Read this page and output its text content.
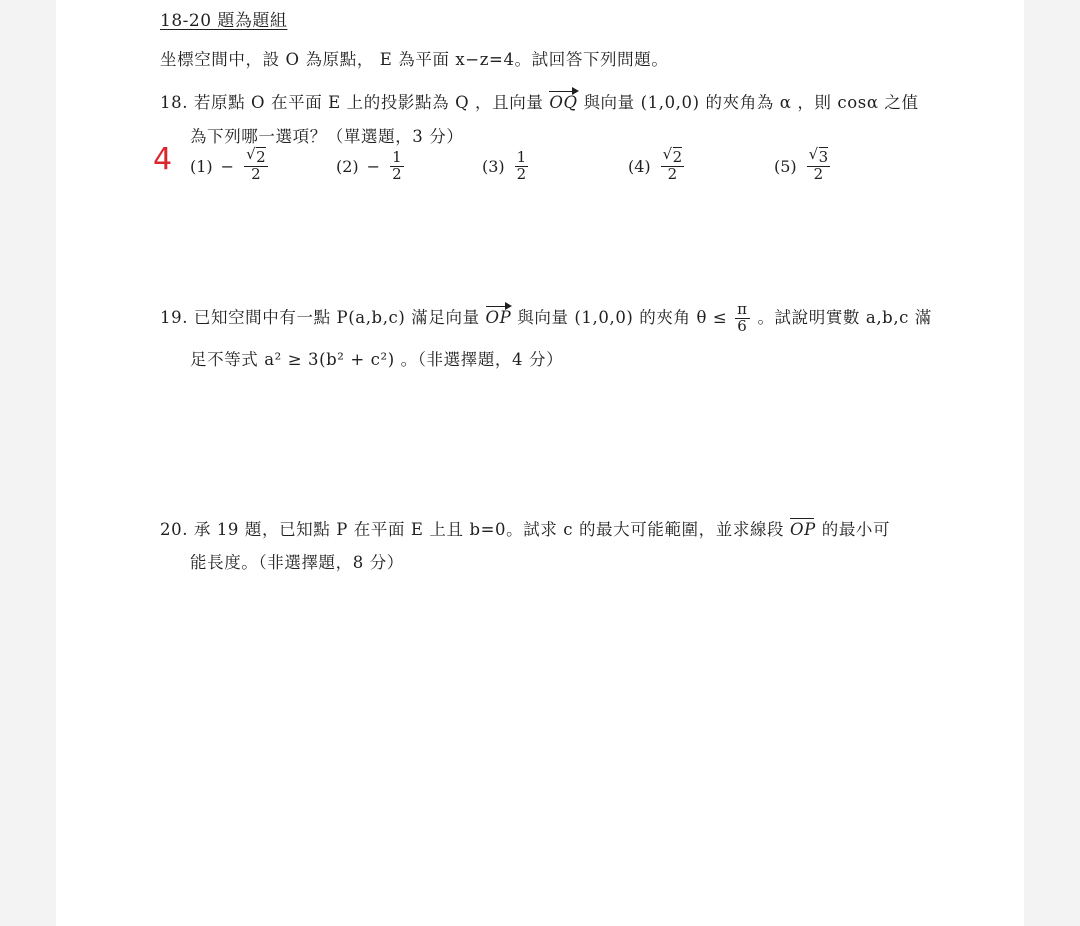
18-20 題為題組
坐標空間中，設 O 為原點， E 為平面 x−z=4。試回答下列問題。
18. 若原點 O 在平面 E 上的投影點為 Q ，且向量 OQ 與向量 (1,0,0) 的夾角為 α ，則 cosα 之值
為下列哪一選項？（單選題，3 分）
4 $(1) - \frac{√ 2}{2}$	$(2) - \frac{1}{2}$	$(3) \frac{1}{2}$	$(4) \frac{√ 2}{2}$	$(5) \frac{√ 3}{2}$
19. 已知空間中有一點 P(a,b,c) 滿足向量 OP 與向量 (1,0,0) 的夾角 $\theta \le \frac{\pi}{6}$ 。試說明實數 a,b,c 滿
足不等式 a² ≥ 3(b² + c²) 。（非選擇題，4 分）
20. 承 19 題，已知點 P 在平面 E 上且 b=0。試求 c 的最大可能範圍，並求線段 OP 的最小可
能長度。（非選擇題，8 分）
